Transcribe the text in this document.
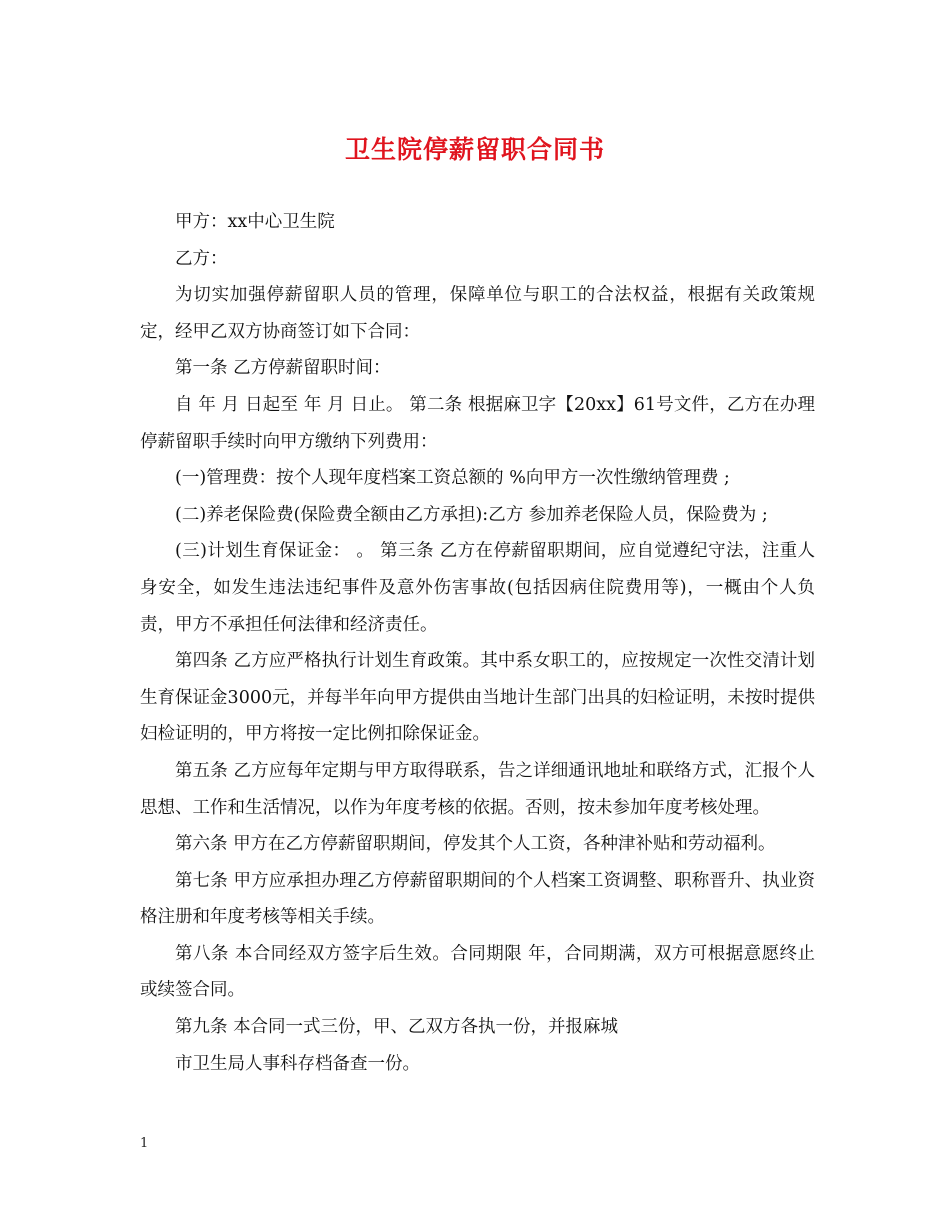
卫生院停薪留职合同书

甲方：xx中心卫生院

乙方：

为切实加强停薪留职人员的管理，保障单位与职工的合法权益，根据有关政策规定，经甲乙双方协商签订如下合同：

第一条 乙方停薪留职时间：

自 年 月 日起至 年 月 日止。 第二条 根据麻卫字【20xx】61号文件，乙方在办理停薪留职手续时向甲方缴纳下列费用：

(一)管理费：按个人现年度档案工资总额的 %向甲方一次性缴纳管理费 ;

(二)养老保险费(保险费全额由乙方承担):乙方 参加养老保险人员，保险费为 ;

(三)计划生育保证金： 。 第三条 乙方在停薪留职期间，应自觉遵纪守法，注重人身安全，如发生违法违纪事件及意外伤害事故(包括因病住院费用等)，一概由个人负责，甲方不承担任何法律和经济责任。

第四条 乙方应严格执行计划生育政策。其中系女职工的，应按规定一次性交清计划生育保证金3000元，并每半年向甲方提供由当地计生部门出具的妇检证明，未按时提供妇检证明的，甲方将按一定比例扣除保证金。

第五条 乙方应每年定期与甲方取得联系，告之详细通讯地址和联络方式，汇报个人思想、工作和生活情况，以作为年度考核的依据。否则，按未参加年度考核处理。

第六条 甲方在乙方停薪留职期间，停发其个人工资，各种津补贴和劳动福利。

第七条 甲方应承担办理乙方停薪留职期间的个人档案工资调整、职称晋升、执业资格注册和年度考核等相关手续。

第八条 本合同经双方签字后生效。合同期限 年，合同期满，双方可根据意愿终止或续签合同。

第九条 本合同一式三份，甲、乙双方各执一份，并报麻城

市卫生局人事科存档备查一份。

1
